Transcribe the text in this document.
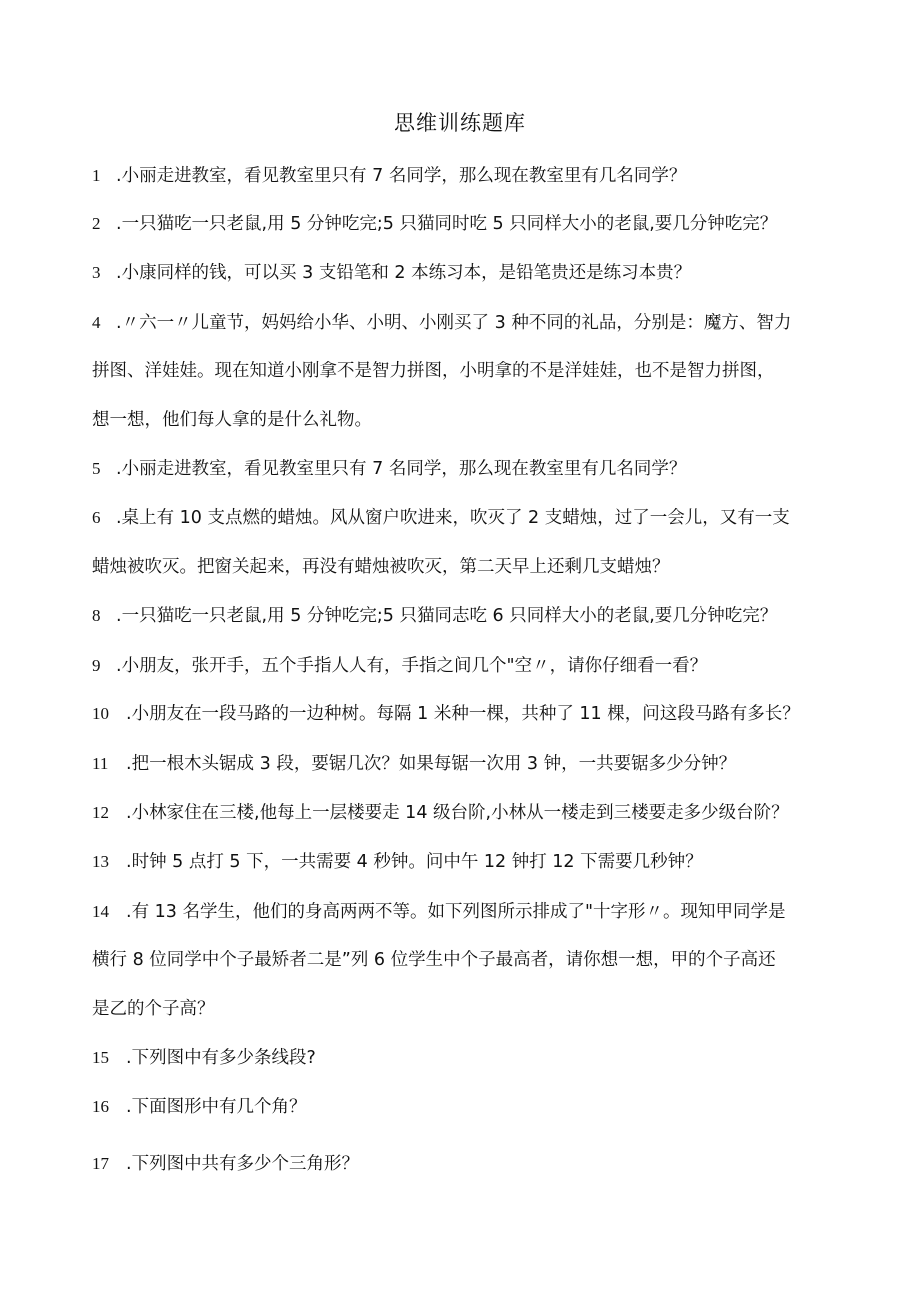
思维训练题库
1 .小丽走进教室，看见教室里只有 7 名同学，那么现在教室里有几名同学？
2 .一只猫吃一只老鼠,用 5 分钟吃完;5 只猫同时吃 5 只同样大小的老鼠,要几分钟吃完？
3 .小康同样的钱，可以买 3 支铅笔和 2 本练习本，是铅笔贵还是练习本贵？
4 .〃六一〃儿童节，妈妈给小华、小明、小刚买了 3 种不同的礼品，分别是：魔方、智力
拼图、洋娃娃。现在知道小刚拿不是智力拼图，小明拿的不是洋娃娃，也不是智力拼图，
想一想，他们每人拿的是什么礼物。
5 .小丽走进教室，看见教室里只有 7 名同学，那么现在教室里有几名同学？
6 .桌上有 10 支点燃的蜡烛。风从窗户吹进来，吹灭了 2 支蜡烛，过了一会儿，又有一支
蜡烛被吹灭。把窗关起来，再没有蜡烛被吹灭，第二天早上还剩几支蜡烛？
8 .一只猫吃一只老鼠,用 5 分钟吃完;5 只猫同志吃 6 只同样大小的老鼠,要几分钟吃完？
9 .小朋友，张开手，五个手指人人有，手指之间几个"空〃，请你仔细看一看？
10 .小朋友在一段马路的一边种树。每隔 1 米种一棵，共种了 11 棵，问这段马路有多长？
11 .把一根木头锯成 3 段，要锯几次？如果每锯一次用 3 钟，一共要锯多少分钟？
12 .小林家住在三楼,他每上一层楼要走 14 级台阶,小林从一楼走到三楼要走多少级台阶？
13 .时钟 5 点打 5 下，一共需要 4 秒钟。问中午 12 钟打 12 下需要几秒钟？
14 .有 13 名学生，他们的身高两两不等。如下列图所示排成了"十字形〃。现知甲同学是
横行 8 位同学中个子最矫者二是”列 6 位学生中个子最高者，请你想一想，甲的个子高还
是乙的个子高？
15 .下列图中有多少条线段?
16 .下面图形中有几个角？
17 .下列图中共有多少个三角形？
